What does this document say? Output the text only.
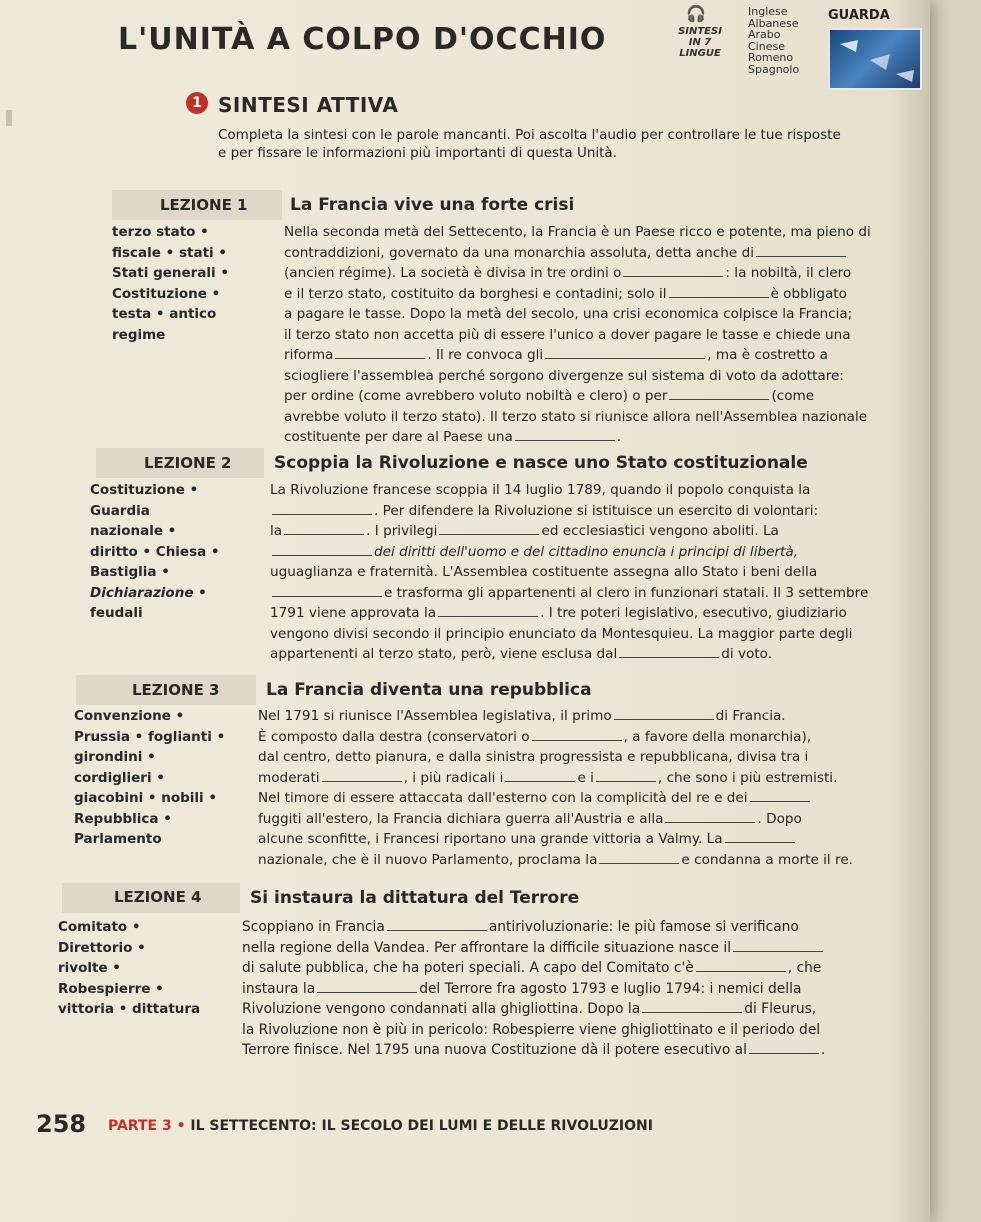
L'UNITÀ A COLPO D'OCCHIO
🎧
SINTESI
IN 7
LINGUE
Inglese
Albanese
Arabo
Cinese
Romeno
Spagnolo
GUARDA
1 SINTESI ATTIVA
Completa la sintesi con le parole mancanti. Poi ascolta l'audio per controllare le tue risposte
e per fissare le informazioni più importanti di questa Unità.
LEZIONE 1	La Francia vive una forte crisi
terzo stato •
fiscale • stati •
Stati generali •
Costituzione •
testa • antico
regime
Nella seconda metà del Settecento, la Francia è un Paese ricco e potente, ma pieno di
contraddizioni, governato da una monarchia assoluta, detta anche di
(ancien régime). La società è divisa in tre ordini o	: la nobiltà, il clero
e il terzo stato, costituito da borghesi e contadini; solo il	è obbligato
a pagare le tasse. Dopo la metà del secolo, una crisi economica colpisce la Francia;
il terzo stato non accetta più di essere l'unico a dover pagare le tasse e chiede una
riforma	. Il re convoca gli	, ma è costretto a
sciogliere l'assemblea perché sorgono divergenze sul sistema di voto da adottare:
per ordine (come avrebbero voluto nobiltà e clero) o per	(come
avrebbe voluto il terzo stato). Il terzo stato si riunisce allora nell'Assemblea nazionale
costituente per dare al Paese una	.
LEZIONE 2	Scoppia la Rivoluzione e nasce uno Stato costituzionale
Costituzione •
Guardia
nazionale •
diritto • Chiesa •
Bastiglia •
Dichiarazione •
feudali
La Rivoluzione francese scoppia il 14 luglio 1789, quando il popolo conquista la
. Per difendere la Rivoluzione si istituisce un esercito di volontari:
la	. I privilegi	ed ecclesiastici vengono aboliti. La
dei diritti dell'uomo e del cittadino enuncia i principi di libertà,
uguaglianza e fraternità. L'Assemblea costituente assegna allo Stato i beni della
e trasforma gli appartenenti al clero in funzionari statali. Il 3 settembre
1791 viene approvata la	. I tre poteri legislativo, esecutivo, giudiziario
vengono divisi secondo il principio enunciato da Montesquieu. La maggior parte degli
appartenenti al terzo stato, però, viene esclusa dal	di voto.
LEZIONE 3	La Francia diventa una repubblica
Convenzione •
Prussia • foglianti •
girondini •
cordiglieri •
giacobini • nobili •
Repubblica •
Parlamento
Nel 1791 si riunisce l'Assemblea legislativa, il primo	di Francia.
È composto dalla destra (conservatori o	, a favore della monarchia),
dal centro, detto pianura, e dalla sinistra progressista e repubblicana, divisa tra i
moderati	, i più radicali i	e i	, che sono i più estremisti.
Nel timore di essere attaccata dall'esterno con la complicità del re e dei
fuggiti all'estero, la Francia dichiara guerra all'Austria e alla	. Dopo
alcune sconfitte, i Francesi riportano una grande vittoria a Valmy. La
nazionale, che è il nuovo Parlamento, proclama la	e condanna a morte il re.
LEZIONE 4	Si instaura la dittatura del Terrore
Comitato •
Direttorio •
rivolte •
Robespierre •
vittoria • dittatura
Scoppiano in Francia	antirivoluzionarie: le più famose si verificano
nella regione della Vandea. Per affrontare la difficile situazione nasce il
di salute pubblica, che ha poteri speciali. A capo del Comitato c'è	, che
instaura la	del Terrore fra agosto 1793 e luglio 1794: i nemici della
Rivoluzione vengono condannati alla ghigliottina. Dopo la	di Fleurus,
la Rivoluzione non è più in pericolo: Robespierre viene ghigliottinato e il periodo del
Terrore finisce. Nel 1795 una nuova Costituzione dà il potere esecutivo al	.
258 PARTE 3 • IL SETTECENTO: IL SECOLO DEI LUMI E DELLE RIVOLUZIONI
